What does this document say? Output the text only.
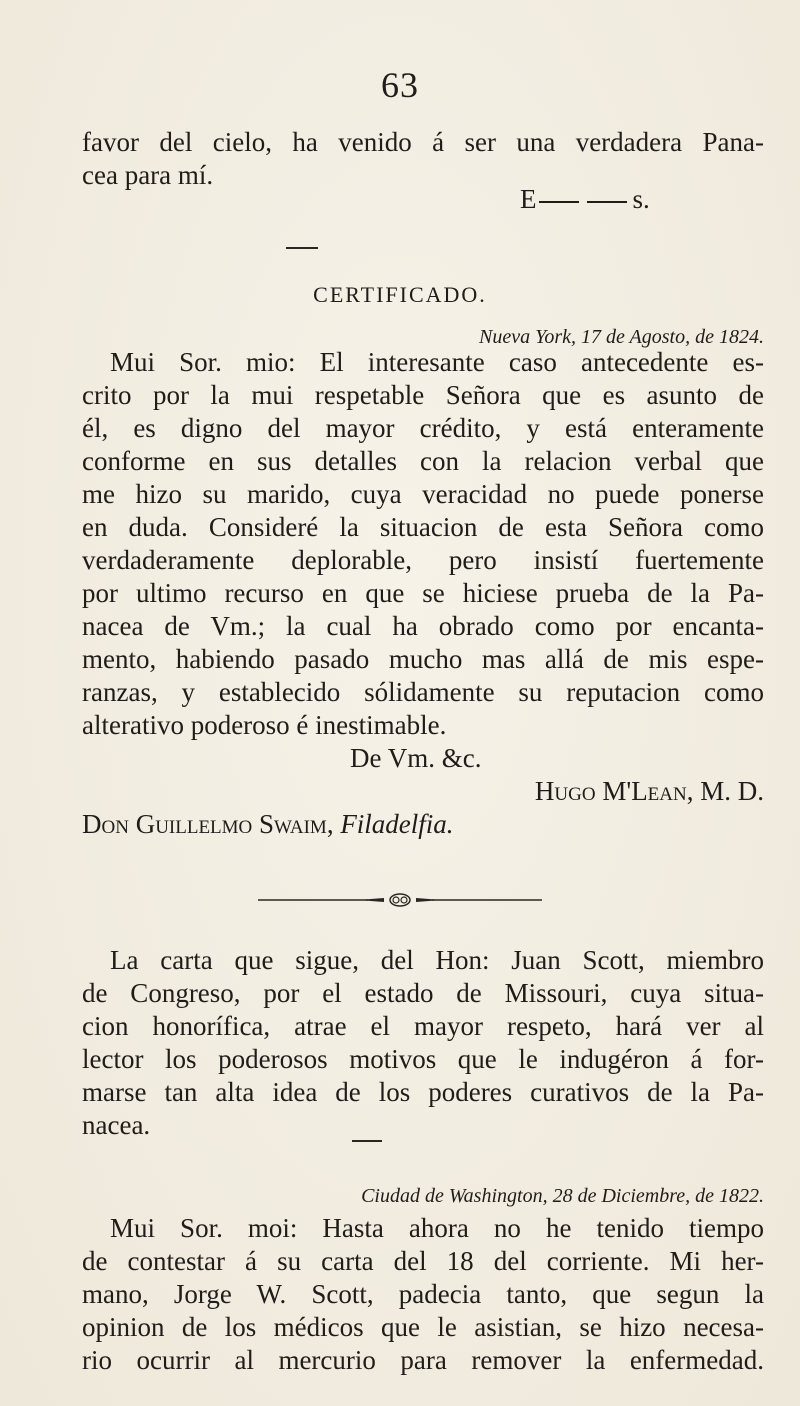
63
favor del cielo, ha venido á ser una verdadera Pana-
cea para mí.
E	s.
CERTIFICADO.
Nueva York, 17 de Agosto, de 1824.
Mui Sor. mio: El interesante caso antecedente es-
crito por la mui respetable Señora que es asunto de
él, es digno del mayor crédito, y está enteramente
conforme en sus detalles con la relacion verbal que
me hizo su marido, cuya veracidad no puede ponerse
en duda. Consideré la situacion de esta Señora como
verdaderamente deplorable, pero insistí fuertemente
por ultimo recurso en que se hiciese prueba de la Pa-
nacea de Vm.; la cual ha obrado como por encanta-
mento, habiendo pasado mucho mas allá de mis espe-
ranzas, y establecido sólidamente su reputacion como
alterativo poderoso é inestimable.
De Vm. &c.
Hugo M'Lean, M. D.
Don Guillelmo Swaim, Filadelfia.
La carta que sigue, del Hon: Juan Scott, miembro
de Congreso, por el estado de Missouri, cuya situa-
cion honorífica, atrae el mayor respeto, hará ver al
lector los poderosos motivos que le indugéron á for-
marse tan alta idea de los poderes curativos de la Pa-
nacea.
Ciudad de Washington, 28 de Diciembre, de 1822.
Mui Sor. moi: Hasta ahora no he tenido tiempo
de contestar á su carta del 18 del corriente. Mi her-
mano, Jorge W. Scott, padecia tanto, que segun la
opinion de los médicos que le asistian, se hizo necesa-
rio ocurrir al mercurio para remover la enfermedad.
